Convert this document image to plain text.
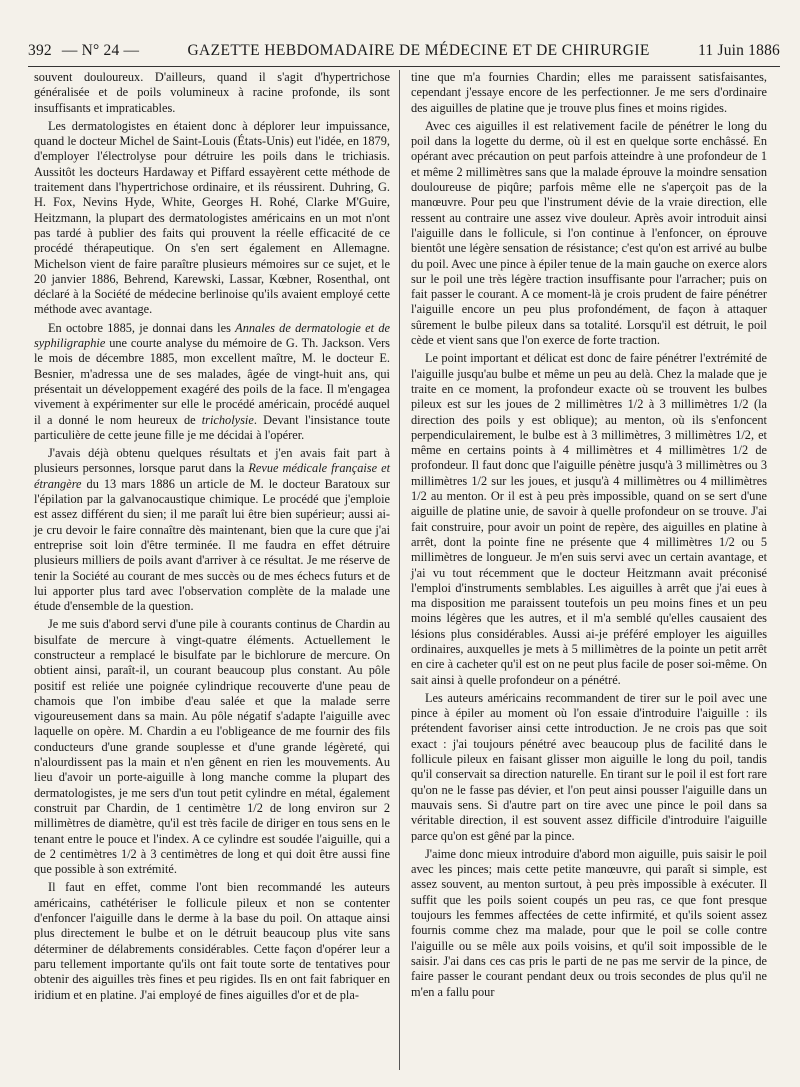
392 — N° 24 —	GAZETTE HEBDOMADAIRE DE MÉDECINE ET DE CHIRURGIE	11 Juin 1886

souvent douloureux. D'ailleurs, quand il s'agit d'hypertrichose généralisée et de poils volumineux à racine profonde, ils sont insuffisants et impraticables.

Les dermatologistes en étaient donc à déplorer leur impuissance, quand le docteur Michel de Saint-Louis (États-Unis) eut l'idée, en 1879, d'employer l'électrolyse pour détruire les poils dans le trichiasis. Aussitôt les docteurs Hardaway et Piffard essayèrent cette méthode de traitement dans l'hypertrichose ordinaire, et ils réussirent. Duhring, G. H. Fox, Nevins Hyde, White, Georges H. Rohé, Clarke M'Guire, Heitzmann, la plupart des dermatologistes américains en un mot n'ont pas tardé à publier des faits qui prouvent la réelle efficacité de ce procédé thérapeutique. On s'en sert également en Allemagne. Michelson vient de faire paraître plusieurs mémoires sur ce sujet, et le 20 janvier 1886, Behrend, Karewski, Lassar, Kœbner, Rosenthal, ont déclaré à la Société de médecine berlinoise qu'ils avaient employé cette méthode avec avantage.

En octobre 1885, je donnai dans les Annales de dermatologie et de syphiligraphie une courte analyse du mémoire de G. Th. Jackson. Vers le mois de décembre 1885, mon excellent maître, M. le docteur E. Besnier, m'adressa une de ses malades, âgée de vingt-huit ans, qui présentait un développement exagéré des poils de la face. Il m'engagea vivement à expérimenter sur elle le procédé américain, procédé auquel il a donné le nom heureux de tricholysie. Devant l'insistance toute particulière de cette jeune fille je me décidai à l'opérer.

J'avais déjà obtenu quelques résultats et j'en avais fait part à plusieurs personnes, lorsque parut dans la Revue médicale française et étrangère du 13 mars 1886 un article de M. le docteur Baratoux sur l'épilation par la galvanocaustique chimique. Le procédé que j'emploie est assez différent du sien; il me paraît lui être bien supérieur; aussi ai-je cru devoir le faire connaître dès maintenant, bien que la cure que j'ai entreprise soit loin d'être terminée. Il me faudra en effet détruire plusieurs milliers de poils avant d'arriver à ce résultat. Je me réserve de tenir la Société au courant de mes succès ou de mes échecs futurs et de lui apporter plus tard avec l'observation complète de la malade une étude d'ensemble de la question.

Je me suis d'abord servi d'une pile à courants continus de Chardin au bisulfate de mercure à vingt-quatre éléments. Actuellement le constructeur a remplacé le bisulfate par le bichlorure de mercure. On obtient ainsi, paraît-il, un courant beaucoup plus constant. Au pôle positif est reliée une poignée cylindrique recouverte d'une peau de chamois que l'on imbibe d'eau salée et que la malade serre vigoureusement dans sa main. Au pôle négatif s'adapte l'aiguille avec laquelle on opère. M. Chardin a eu l'obligeance de me fournir des fils conducteurs d'une grande souplesse et d'une grande légèreté, qui n'alourdissent pas la main et n'en gênent en rien les mouvements. Au lieu d'avoir un porte-aiguille à long manche comme la plupart des dermatologistes, je me sers d'un tout petit cylindre en métal, également construit par Chardin, de 1 centimètre 1/2 de long environ sur 2 millimètres de diamètre, qu'il est très facile de diriger en tous sens en le tenant entre le pouce et l'index. A ce cylindre est soudée l'aiguille, qui a de 2 centimètres 1/2 à 3 centimètres de long et qui doit être aussi fine que possible à son extrémité.

Il faut en effet, comme l'ont bien recommandé les auteurs américains, cathétériser le follicule pileux et non se contenter d'enfoncer l'aiguille dans le derme à la base du poil. On attaque ainsi plus directement le bulbe et on le détruit beaucoup plus vite sans déterminer de délabrements considérables. Cette façon d'opérer leur a paru tellement importante qu'ils ont fait toute sorte de tentatives pour obtenir des aiguilles très fines et peu rigides. Ils en ont fait fabriquer en iridium et en platine. J'ai employé de fines aiguilles d'or et de pla-

tine que m'a fournies Chardin; elles me paraissent satisfaisantes, cependant j'essaye encore de les perfectionner. Je me sers d'ordinaire des aiguilles de platine que je trouve plus fines et moins rigides.

Avec ces aiguilles il est relativement facile de pénétrer le long du poil dans la logette du derme, où il est en quelque sorte enchâssé. En opérant avec précaution on peut parfois atteindre à une profondeur de 1 et même 2 millimètres sans que la malade éprouve la moindre sensation douloureuse de piqûre; parfois même elle ne s'aperçoit pas de la manœuvre. Pour peu que l'instrument dévie de la vraie direction, elle ressent au contraire une assez vive douleur. Après avoir introduit ainsi l'aiguille dans le follicule, si l'on continue à l'enfoncer, on éprouve bientôt une légère sensation de résistance; c'est qu'on est arrivé au bulbe du poil. Avec une pince à épiler tenue de la main gauche on exerce alors sur le poil une très légère traction insuffisante pour l'arracher; puis on fait passer le courant. A ce moment-là je crois prudent de faire pénétrer l'aiguille encore un peu plus profondément, de façon à attaquer sûrement le bulbe pileux dans sa totalité. Lorsqu'il est détruit, le poil cède et vient sans que l'on exerce de forte traction.

Le point important et délicat est donc de faire pénétrer l'extrémité de l'aiguille jusqu'au bulbe et même un peu au delà. Chez la malade que je traite en ce moment, la profondeur exacte où se trouvent les bulbes pileux est sur les joues de 2 millimètres 1/2 à 3 millimètres 1/2 (la direction des poils y est oblique); au menton, où ils s'enfoncent perpendiculairement, le bulbe est à 3 millimètres, 3 millimètres 1/2, et même en certains points à 4 millimètres et 4 millimètres 1/2 de profondeur. Il faut donc que l'aiguille pénètre jusqu'à 3 millimètres ou 3 millimètres 1/2 sur les joues, et jusqu'à 4 millimètres ou 4 millimètres 1/2 au menton. Or il est à peu près impossible, quand on se sert d'une aiguille de platine unie, de savoir à quelle profondeur on se trouve. J'ai fait construire, pour avoir un point de repère, des aiguilles en platine à arrêt, dont la pointe fine ne présente que 4 millimètres 1/2 ou 5 millimètres de longueur. Je m'en suis servi avec un certain avantage, et j'ai vu tout récemment que le docteur Heitzmann avait préconisé l'emploi d'instruments semblables. Les aiguilles à arrêt que j'ai eues à ma disposition me paraissent toutefois un peu moins fines et un peu moins légères que les autres, et il m'a semblé qu'elles causaient des lésions plus considérables. Aussi ai-je préféré employer les aiguilles ordinaires, auxquelles je mets à 5 millimètres de la pointe un petit arrêt en cire à cacheter qu'il est on ne peut plus facile de poser soi-même. On sait ainsi à quelle profondeur on a pénétré.

Les auteurs américains recommandent de tirer sur le poil avec une pince à épiler au moment où l'on essaie d'introduire l'aiguille : ils prétendent favoriser ainsi cette introduction. Je ne crois pas que soit exact : j'ai toujours pénétré avec beaucoup plus de facilité dans le follicule pileux en faisant glisser mon aiguille le long du poil, tandis qu'il conservait sa direction naturelle. En tirant sur le poil il est fort rare qu'on ne le fasse pas dévier, et l'on peut ainsi pousser l'aiguille dans un mauvais sens. Si d'autre part on tire avec une pince le poil dans sa véritable direction, il est souvent assez difficile d'introduire l'aiguille parce qu'on est gêné par la pince.

J'aime donc mieux introduire d'abord mon aiguille, puis saisir le poil avec les pinces; mais cette petite manœuvre, qui paraît si simple, est assez souvent, au menton surtout, à peu près impossible à exécuter. Il suffit que les poils soient coupés un peu ras, ce que font presque toujours les femmes affectées de cette infirmité, et qu'ils soient assez fournis comme chez ma malade, pour que le poil se colle contre l'aiguille ou se mêle aux poils voisins, et qu'il soit impossible de le saisir. J'ai dans ces cas pris le parti de ne pas me servir de la pince, de faire passer le courant pendant deux ou trois secondes de plus qu'il ne m'en a fallu pour
